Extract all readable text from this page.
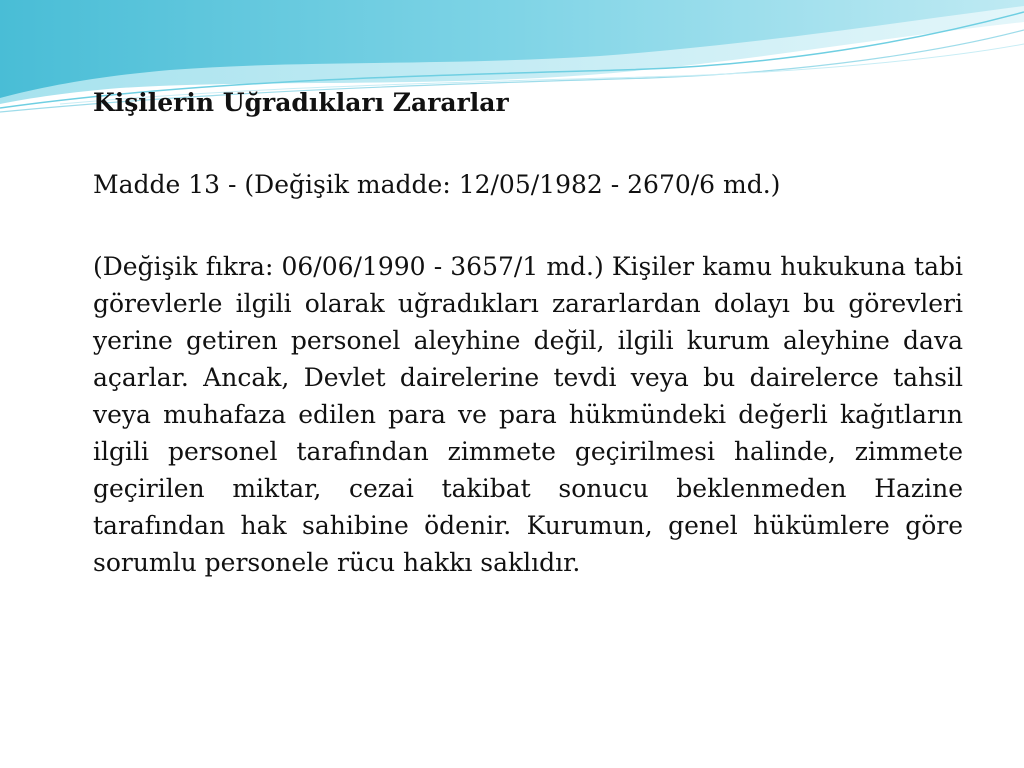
Kişilerin Uğradıkları Zararlar
Madde 13 - (Değişik madde: 12/05/1982 - 2670/6 md.)

(Değişik fıkra: 06/06/1990 - 3657/1 md.) Kişiler kamu hukukuna tabi görevlerle ilgili olarak uğradıkları zararlardan dolayı bu görevleri yerine getiren personel aleyhine değil, ilgili kurum aleyhine dava açarlar. Ancak, Devlet dairelerine tevdi veya bu dairelerce tahsil veya muhafaza edilen para ve para hükmündeki değerli kağıtların ilgili personel tarafından zimmete geçirilmesi halinde, zimmete geçirilen miktar, cezai takibat sonucu beklenmeden Hazine tarafından hak sahibine ödenir. Kurumun, genel hükümlere göre sorumlu personele rücu hakkı saklıdır.
